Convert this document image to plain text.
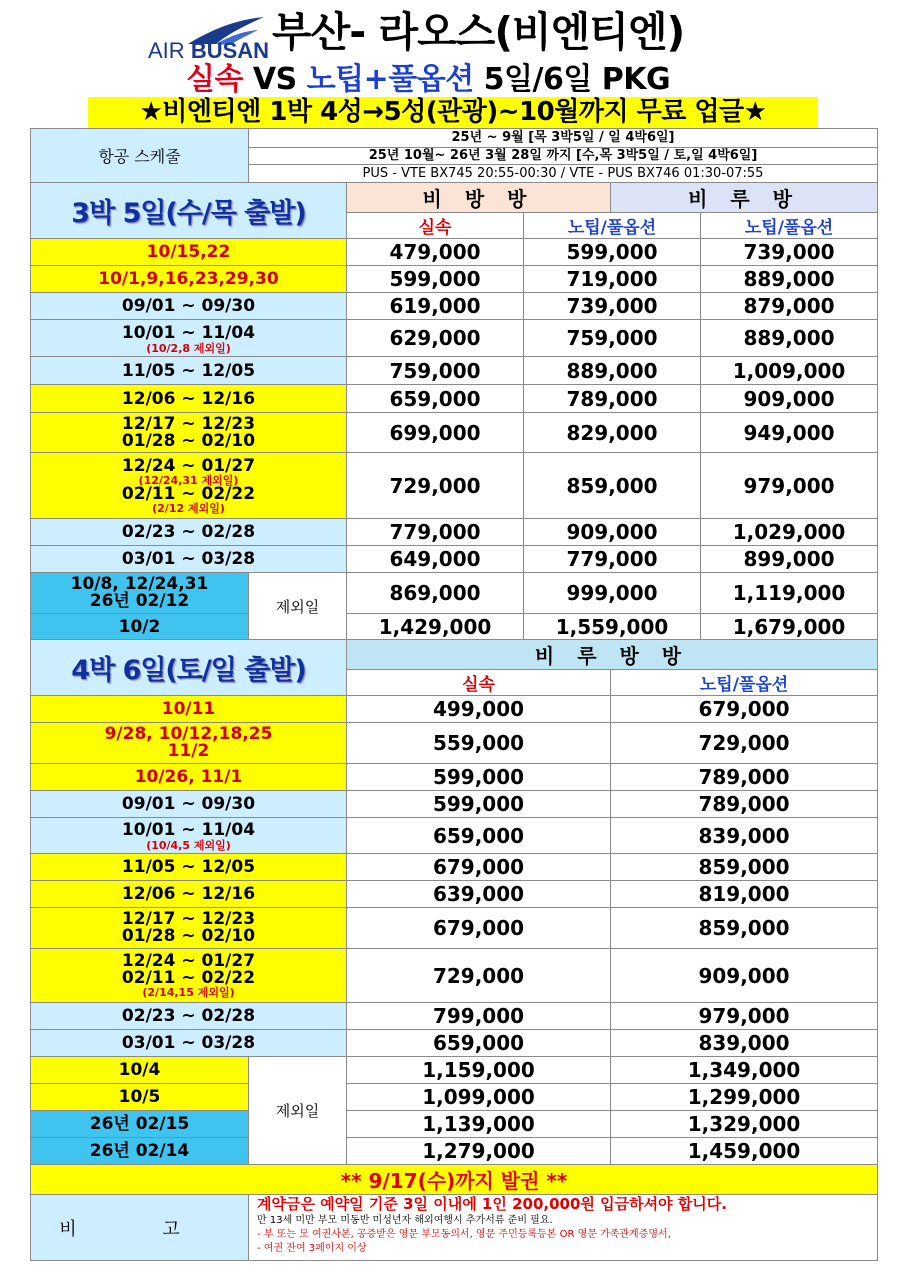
AIR BUSAN 부산- 라오스(비엔티엔)
실속 VS 노팁+풀옵션 5일/6일 PKG
★비엔티엔 1박 4성→5성(관광)~10월까지 무료 업글★
항공 스케줄	25년 ~ 9월 [목 3박5일 / 일 4박6일]				
	25년 10월~ 26년 3월 28일 까지 [수,목 3박5일 / 토,일 4박6일]				
	PUS - VTE BX745 20:55-00:30 / VTE - PUS BX746 01:30-07:55				
3박 5일(수/목 출발)		비 방 방		비 루 방	
		실속	노팁/풀옵션		노팁/풀옵션
10/15,22		479,000	599,000		739,000
10/1,9,16,23,29,30		599,000	719,000		889,000
09/01 ~ 09/30		619,000	739,000		879,000
10/01 ~ 11/04
(10/2,8 제외일)		629,000	759,000		889,000
11/05 ~ 12/05		759,000	889,000		1,009,000
12/06 ~ 12/16		659,000	789,000		909,000
12/17 ~ 12/23
01/28 ~ 02/10		699,000	829,000		949,000
12/24 ~ 01/27
(12/24,31 제외일)
02/11 ~ 02/22
(2/12 제외일)		729,000	859,000		979,000
02/23 ~ 02/28		779,000	909,000		1,029,000
03/01 ~ 03/28		649,000	779,000		899,000
10/8, 12/24,31
26년 02/12	제외일	869,000	999,000		1,119,000
10/2		1,429,000	1,559,000		1,679,000
4박 6일(토/일 출발)		비 루 방 방			
		실속		노팁/풀옵션	
10/11		499,000		679,000	
9/28, 10/12,18,25
11/2		559,000		729,000	
10/26, 11/1		599,000		789,000	
09/01 ~ 09/30		599,000		789,000	
10/01 ~ 11/04
(10/4,5 제외일)		659,000		839,000	
11/05 ~ 12/05		679,000		859,000	
12/06 ~ 12/16		639,000		819,000	
12/17 ~ 12/23
01/28 ~ 02/10		679,000		859,000	
12/24 ~ 01/27
02/11 ~ 02/22
(2/14,15 제외일)		729,000		909,000	
02/23 ~ 02/28		799,000		979,000	
03/01 ~ 03/28		659,000		839,000	
10/4	제외일	1,159,000		1,349,000	
10/5		1,099,000		1,299,000	
26년 02/15		1,139,000		1,329,000	
26년 02/14		1,279,000		1,459,000	
** 9/17(수)까지 발권 **					
비 고	계약금은 예약일 기준 3일 이내에 1인 200,000원 입금하셔야 합니다.
만 13세 미만 부모 미동반 미성년자 해외여행시 추가서류 준비 필요.
- 부 또는 모 여권사본, 공증받은 영문 부모동의서, 영문 주민등록등본 OR 영문 가족관계증명서,
- 여권 잔여 3페이지 이상				
